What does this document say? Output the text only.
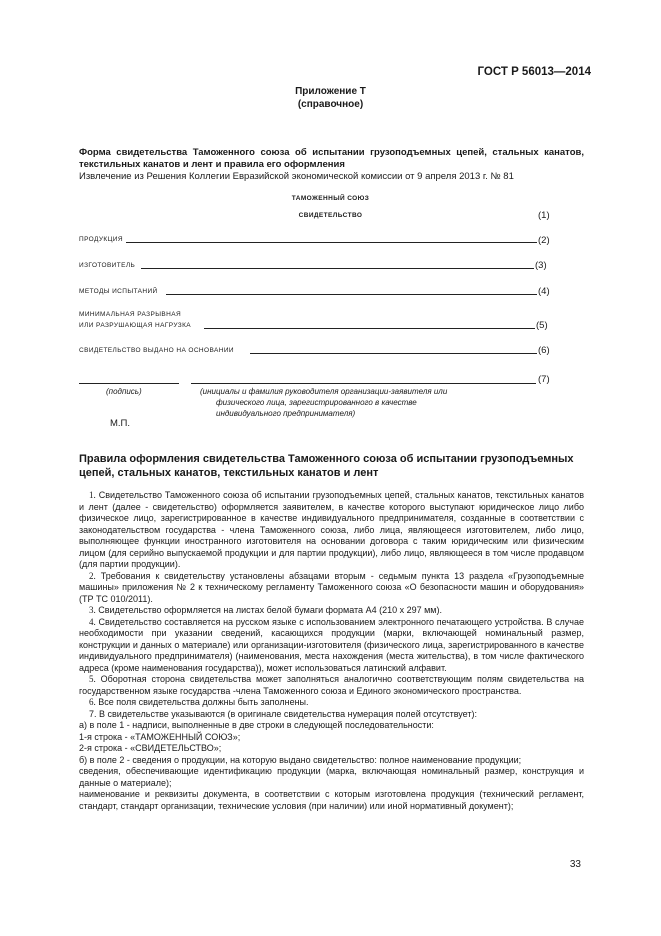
ГОСТ Р 56013—2014
Приложение Т
(справочное)
Форма свидетельства Таможенного союза об испытании грузоподъемных цепей, стальных канатов, текстильных канатов и лент и правила его оформления
Извлечение из Решения Коллегии Евразийской экономической комиссии от 9 апреля 2013 г. № 81
ТАМОЖЕННЫЙ СОЮЗ
СВИДЕТЕЛЬСТВО	(1)
ПРОДУКЦИЯ	(2)
ИЗГОТОВИТЕЛЬ	(3)
МЕТОДЫ ИСПЫТАНИЙ	(4)
МИНИМАЛЬНАЯ РАЗРЫВНАЯ
ИЛИ РАЗРУШАЮЩАЯ НАГРУЗКА	(5)
СВИДЕТЕЛЬСТВО ВЫДАНО НА ОСНОВАНИИ	(6)
(7)
(подпись)	(инициалы и фамилия руководителя организации-заявителя или
физического лица, зарегистрированного в качестве
индивидуального предпринимателя)
М.П.
Правила оформления свидетельства Таможенного союза об испытании грузоподъемных цепей, стальных канатов, текстильных канатов и лент

1. Свидетельство Таможенного союза об испытании грузоподъемных цепей, стальных канатов, текстильных канатов и лент (далее - свидетельство) оформляется заявителем, в качестве которого выступают юридическое лицо либо физическое лицо, зарегистрированное в качестве индивидуального предпринимателя, созданные в соответствии с законодательством государства - члена Таможенного союза, либо лица, являющееся изготовителем, либо лицо, выполняющее функции иностранного изготовителя на основании договора с таким юридическим или физическим лицом (для серийно выпускаемой продукции и для партии продукции), либо лицо, являющееся в том числе продавцом (для партии продукции).

2. Требования к свидетельству установлены абзацами вторым - седьмым пункта 13 раздела «Грузоподъемные машины» приложения № 2 к техническому регламенту Таможенного союза «О безопасности машин и оборудования» (ТР ТС 010/2011).

3. Свидетельство оформляется на листах белой бумаги формата А4 (210 х 297 мм).

4. Свидетельство составляется на русском языке с использованием электронного печатающего устройства. В случае необходимости при указании сведений, касающихся продукции (марки, включающей номинальный размер, конструкции и данных о материале) или организации-изготовителя (физического лица, зарегистрированного в качестве индивидуального предпринимателя) (наименования, места нахождения (места жительства), в том числе фактического адреса (кроме наименования государства)), может использоваться латинский алфавит.

5. Оборотная сторона свидетельства может заполняться аналогично соответствующим полям свидетельства на государственном языке государства -члена Таможенного союза и Единого экономического пространства.

6. Все поля свидетельства должны быть заполнены.

7. В свидетельстве указываются (в оригинале свидетельства нумерация полей отсутствует):

а) в поле 1 - надписи, выполненные в две строки в следующей последовательности:

1-я строка - «ТАМОЖЕННЫЙ СОЮЗ»;

2-я строка - «СВИДЕТЕЛЬСТВО»;

б) в поле 2 - сведения о продукции, на которую выдано свидетельство: полное наименование продукции;

сведения, обеспечивающие идентификацию продукции (марка, включающая номинальный размер, конструкция и данные о материале);

наименование и реквизиты документа, в соответствии с которым изготовлена продукция (технический регламент, стандарт, стандарт организации, технические условия (при наличии) или иной нормативный документ);

33
